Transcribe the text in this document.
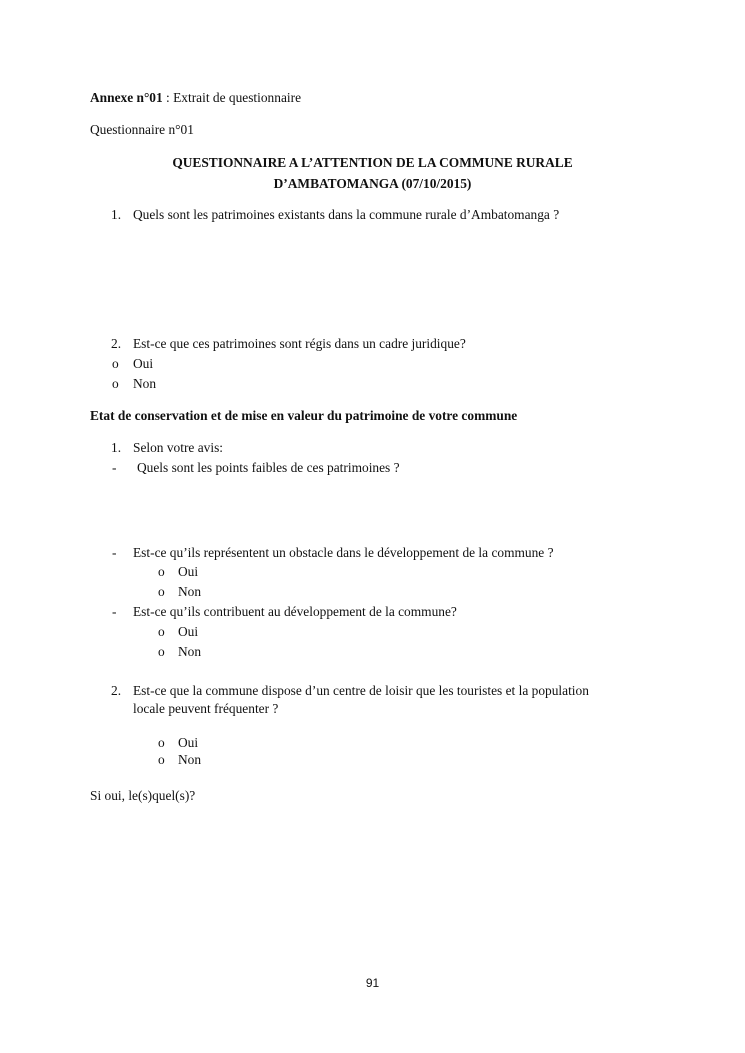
Annexe n°01 : Extrait de questionnaire
Questionnaire n°01
QUESTIONNAIRE A L’ATTENTION DE LA COMMUNE RURALE
D’AMBATOMANGA (07/10/2015)
1. Quels sont les patrimoines existants dans la commune rurale d’Ambatomanga ?
2. Est-ce que ces patrimoines sont régis dans un cadre juridique?
o Oui
o Non
Etat de conservation et de mise en valeur du patrimoine de votre commune
1. Selon votre avis:
- Quels sont les points faibles de ces patrimoines ?
- Est-ce qu’ils représentent un obstacle dans le développement de la commune ?
o Oui
o Non
- Est-ce qu’ils contribuent au développement de la commune?
o Oui
o Non
2. Est-ce que la commune dispose d’un centre de loisir que les touristes et la population
locale peuvent fréquenter ?
o Oui
o Non
Si oui, le(s)quel(s)?
91
